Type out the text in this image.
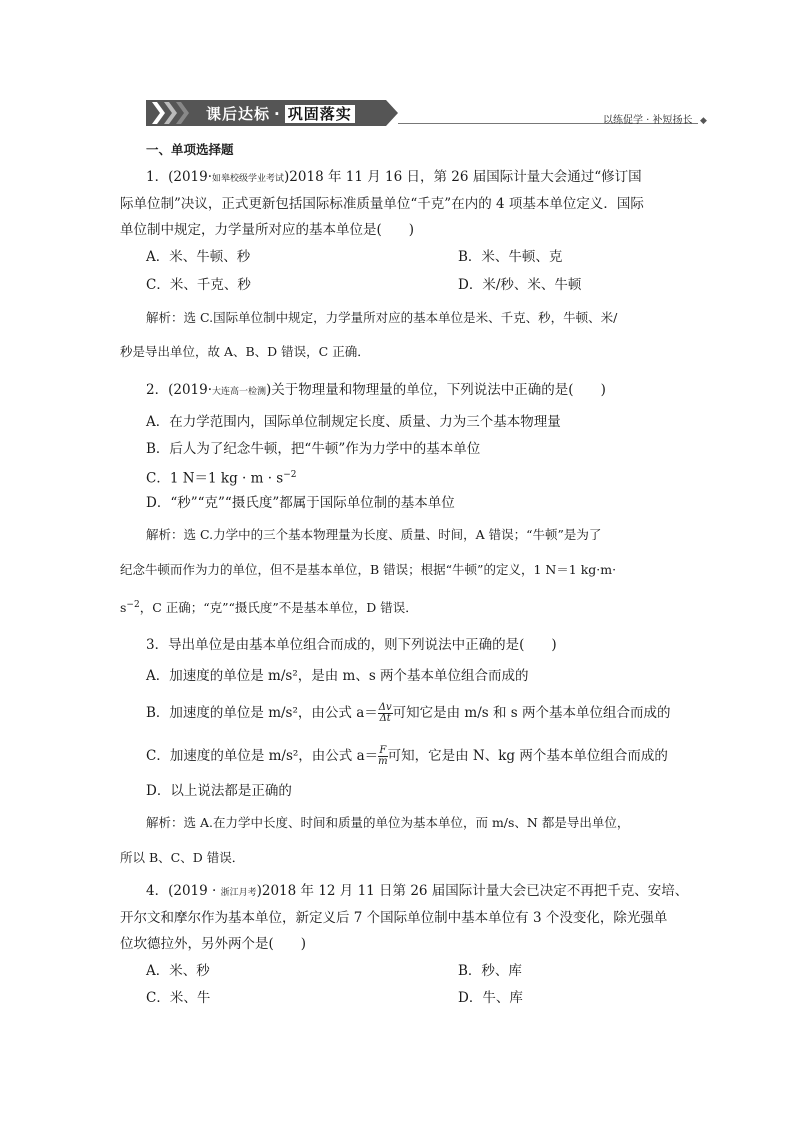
课后达标 · 巩固落实	以练促学 · 补短扬长 ◆
一、单项选择题
1．(2019·如皋校级学业考试)2018 年 11 月 16 日，第 26 届国际计量大会通过“修订国
际单位制”决议，正式更新包括国际标准质量单位“千克”在内的 4 项基本单位定义．国际
单位制中规定，力学量所对应的基本单位是(　　)
A．米、牛顿、秒	B．米、牛顿、克
C．米、千克、秒	D．米/秒、米、牛顿
解析：选 C.国际单位制中规定，力学量所对应的基本单位是米、千克、秒，牛顿、米/
秒是导出单位，故 A、B、D 错误，C 正确．
2．(2019·大连高一检测)关于物理量和物理量的单位，下列说法中正确的是(　　)
A．在力学范围内，国际单位制规定长度、质量、力为三个基本物理量
B．后人为了纪念牛顿，把“牛顿”作为力学中的基本单位
C．1 N＝1 kg · $m \cdot s^{-2}$
D．“秒”“克”“摄氏度”都属于国际单位制的基本单位
解析：选 C.力学中的三个基本物理量为长度、质量、时间，A 错误；“牛顿”是为了
纪念牛顿而作为力的单位，但不是基本单位，B 错误；根据“牛顿”的定义，1 N＝1 kg·m·
$s^{-2}$，C 正确；“克”“摄氏度”不是基本单位，D 错误．
3．导出单位是由基本单位组合而成的，则下列说法中正确的是(　　)
A．加速度的单位是 m/s²，是由 m、s 两个基本单位组合而成的
B．加速度的单位是 m/s²，由公式 $a= \frac{\Delta v}{\Delta t}$ 可知它是由 m/s 和 s 两个基本单位组合而成的
C．加速度的单位是 m/s²，由公式 $a= \frac{F}{m}$ 可知，它是由 N、kg 两个基本单位组合而成的
D．以上说法都是正确的
解析：选 A.在力学中长度、时间和质量的单位为基本单位，而 m/s、N 都是导出单位，
所以 B、C、D 错误．
4．(2019 · 浙江月考)2018 年 12 月 11 日第 26 届国际计量大会已决定不再把千克、安培、
开尔文和摩尔作为基本单位，新定义后 7 个国际单位制中基本单位有 3 个没变化，除光强单
位坎德拉外，另外两个是(　　)
A．米、秒	B．秒、库
C．米、牛	D．牛、库
